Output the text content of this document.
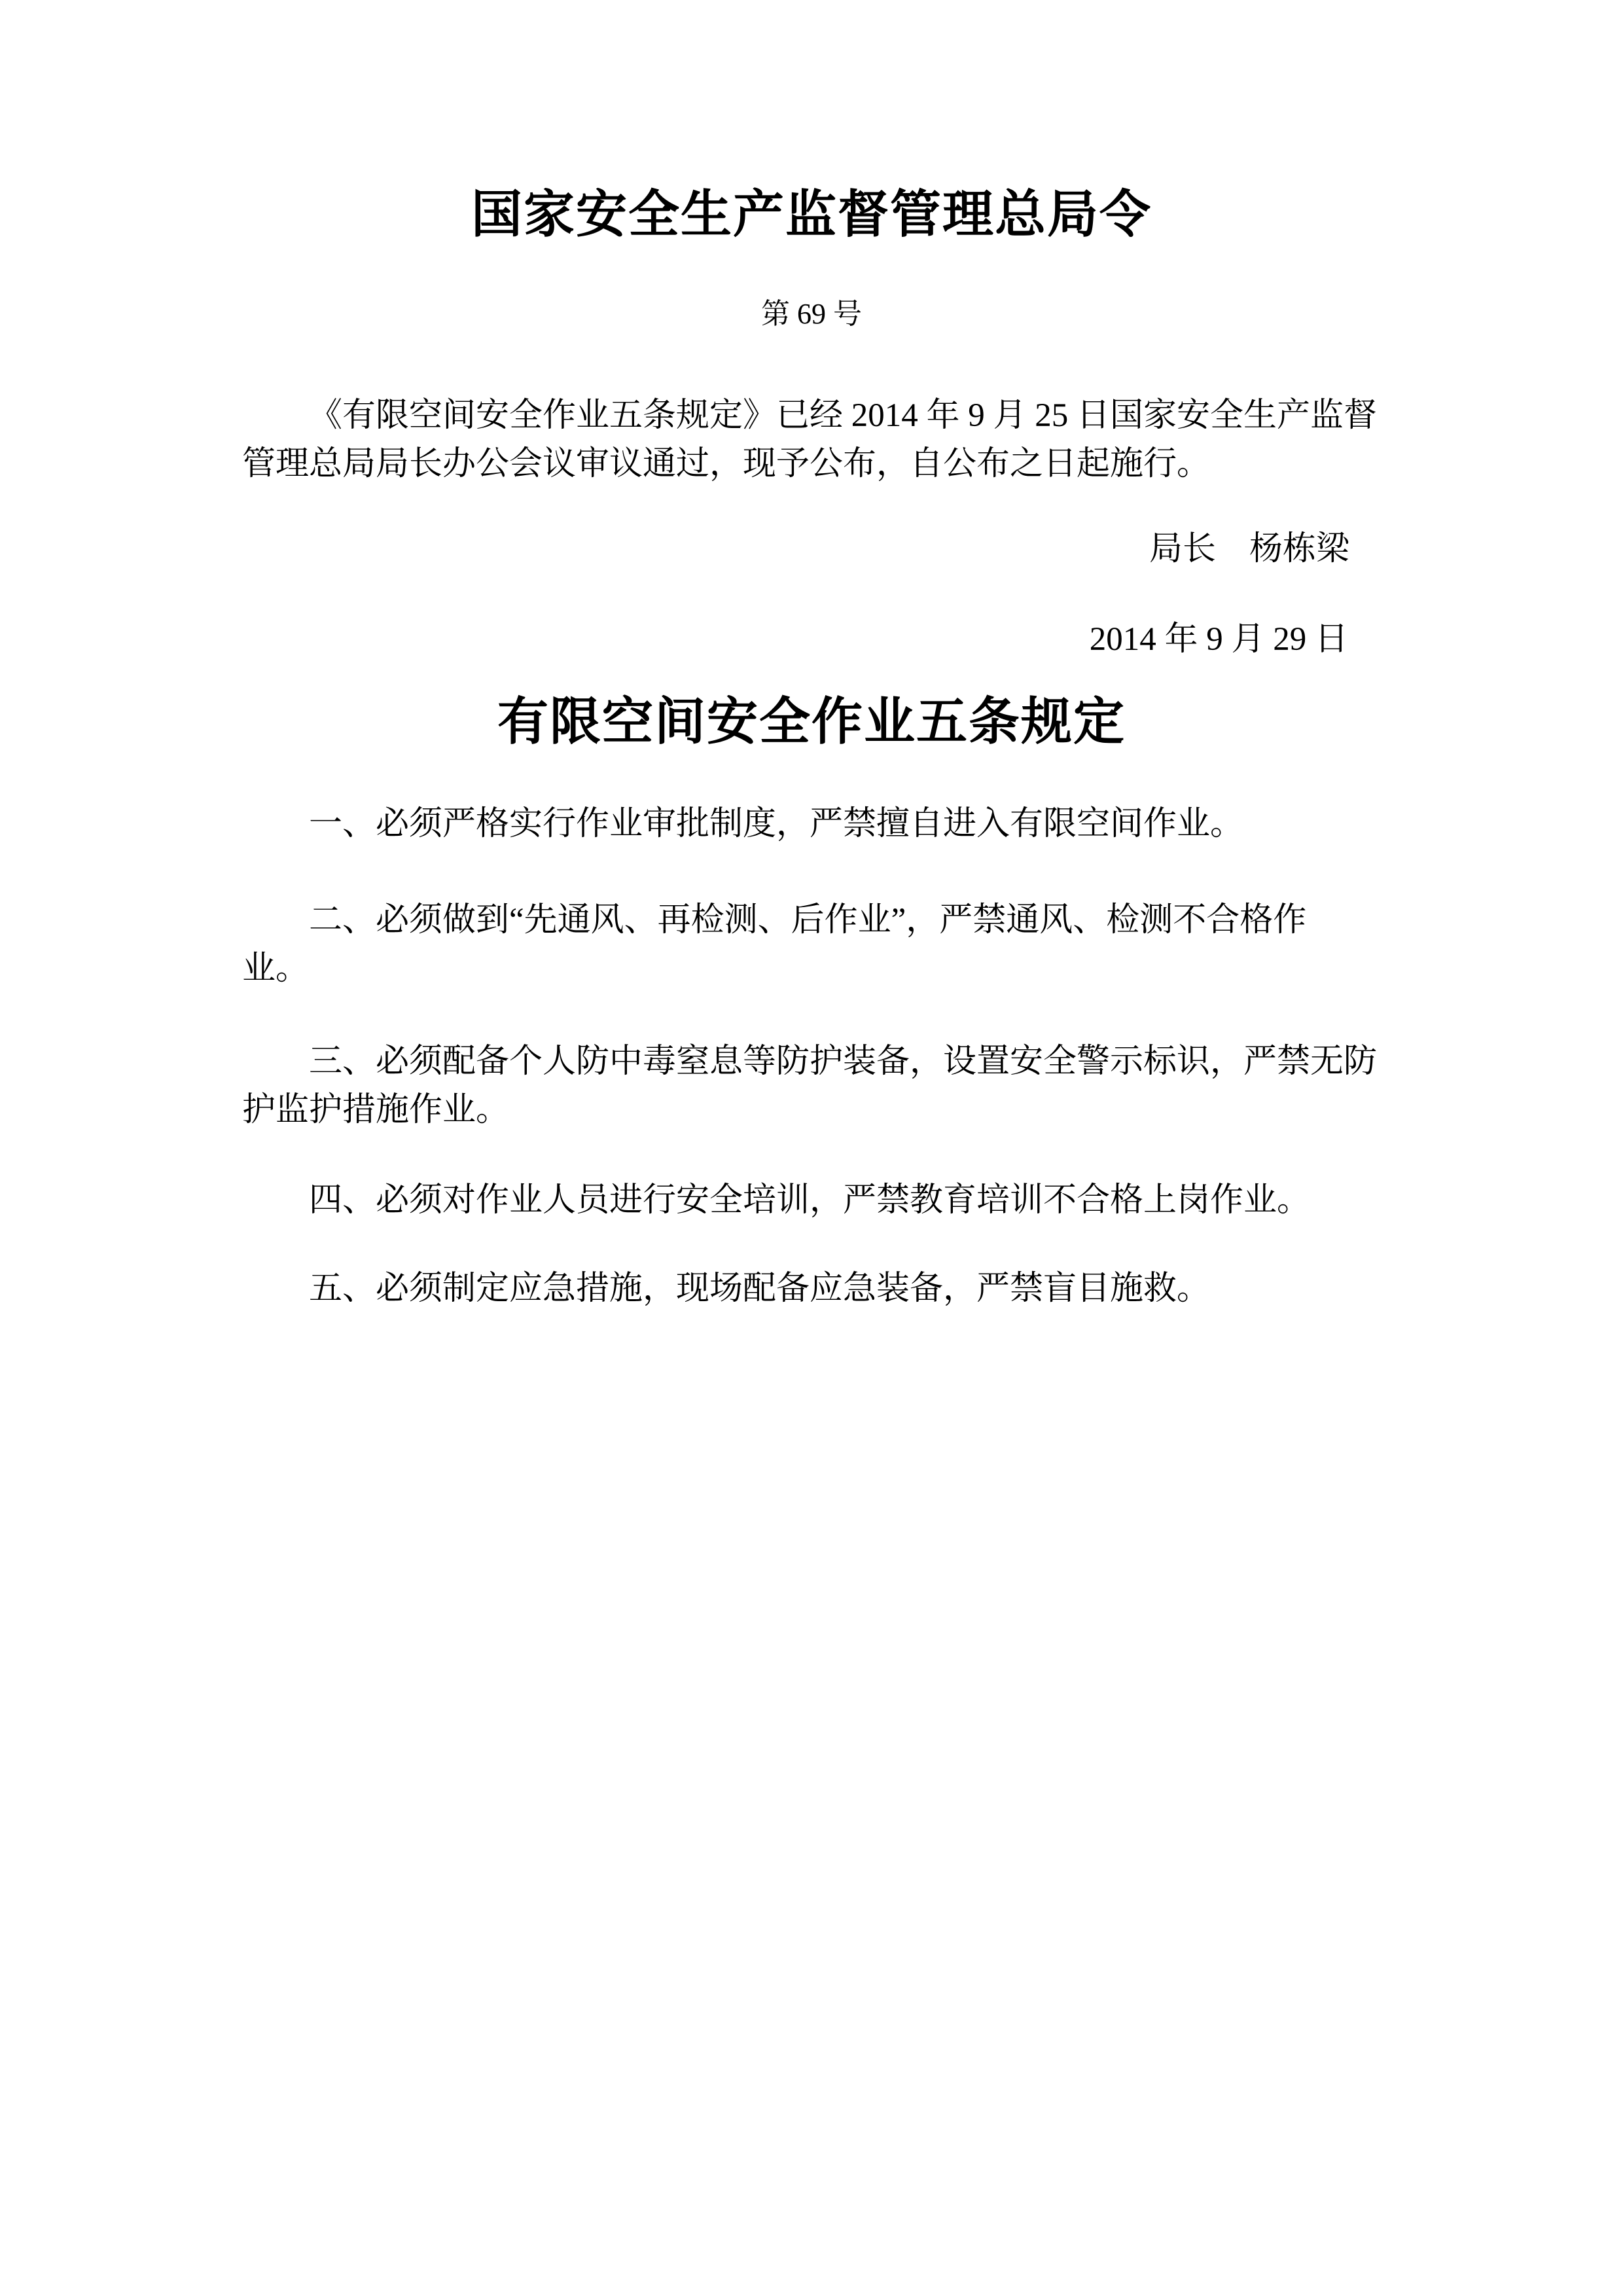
国家安全生产监督管理总局令
第 69 号
《有限空间安全作业五条规定》已经 2014 年 9 月 25 日国家安全生产监督
管理总局局长办公会议审议通过，现予公布，自公布之日起施行。
局长　杨栋梁
2014 年 9 月 29 日
有限空间安全作业五条规定
一、必须严格实行作业审批制度，严禁擅自进入有限空间作业。
二、必须做到“先通风、再检测、后作业”，严禁通风、检测不合格作
业。
三、必须配备个人防中毒窒息等防护装备，设置安全警示标识，严禁无防
护监护措施作业。
四、必须对作业人员进行安全培训，严禁教育培训不合格上岗作业。
五、必须制定应急措施，现场配备应急装备，严禁盲目施救。
